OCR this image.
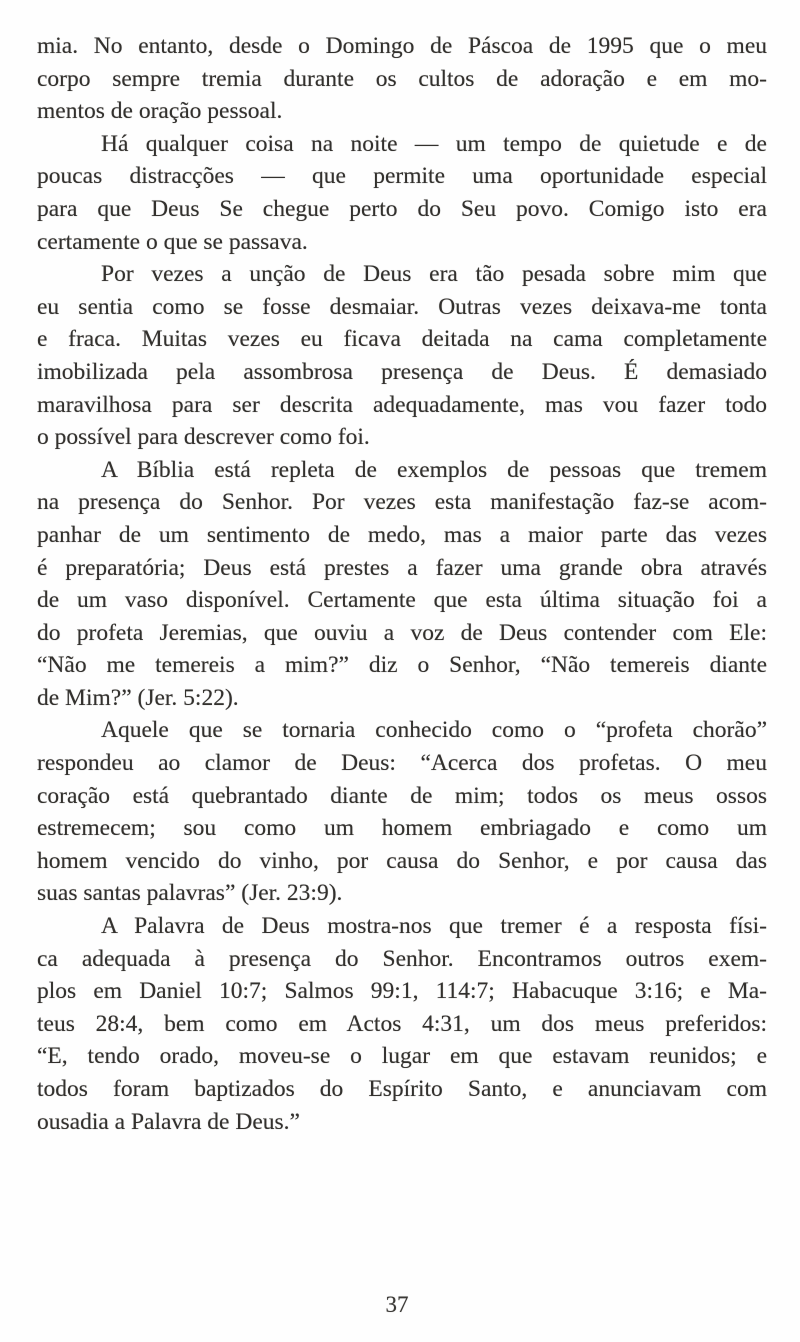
mia. No entanto, desde o Domingo de Páscoa de 1995 que o meu
corpo sempre tremia durante os cultos de adoração e em mo-
mentos de oração pessoal.
Há qualquer coisa na noite — um tempo de quietude e de
poucas distracções — que permite uma oportunidade especial
para que Deus Se chegue perto do Seu povo. Comigo isto era
certamente o que se passava.
Por vezes a unção de Deus era tão pesada sobre mim que
eu sentia como se fosse desmaiar. Outras vezes deixava-me tonta
e fraca. Muitas vezes eu ficava deitada na cama completamente
imobilizada pela assombrosa presença de Deus. É demasiado
maravilhosa para ser descrita adequadamente, mas vou fazer todo
o possível para descrever como foi.
A Bíblia está repleta de exemplos de pessoas que tremem
na presença do Senhor. Por vezes esta manifestação faz-se acom-
panhar de um sentimento de medo, mas a maior parte das vezes
é preparatória; Deus está prestes a fazer uma grande obra através
de um vaso disponível. Certamente que esta última situação foi a
do profeta Jeremias, que ouviu a voz de Deus contender com Ele:
“Não me temereis a mim?” diz o Senhor, “Não temereis diante
de Mim?” (Jer. 5:22).
Aquele que se tornaria conhecido como o “profeta chorão”
respondeu ao clamor de Deus: “Acerca dos profetas. O meu
coração está quebrantado diante de mim; todos os meus ossos
estremecem; sou como um homem embriagado e como um
homem vencido do vinho, por causa do Senhor, e por causa das
suas santas palavras” (Jer. 23:9).
A Palavra de Deus mostra-nos que tremer é a resposta físi-
ca adequada à presença do Senhor. Encontramos outros exem-
plos em Daniel 10:7; Salmos 99:1, 114:7; Habacuque 3:16; e Ma-
teus 28:4, bem como em Actos 4:31, um dos meus preferidos:
“E, tendo orado, moveu-se o lugar em que estavam reunidos; e
todos foram baptizados do Espírito Santo, e anunciavam com
ousadia a Palavra de Deus.”
37
